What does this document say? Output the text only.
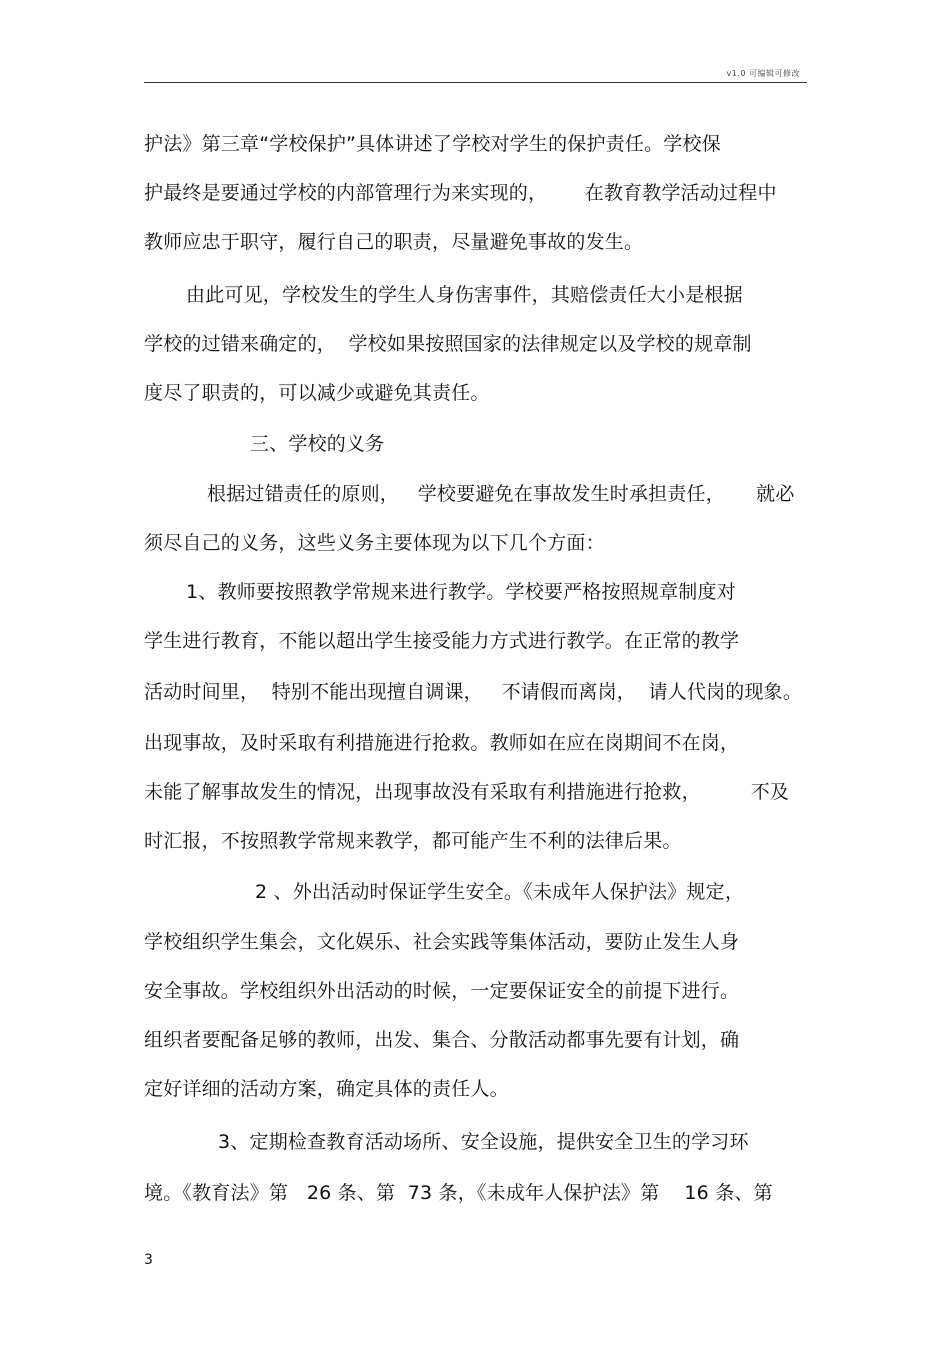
v1.0 可编辑可修改
护法》第三章“学校保护”具体讲述了学校对学生的保护责任。学校保
护最终是要通过学校的内部管理行为来实现的，      在教育教学活动过程中
教师应忠于职守，履行自己的职责，尽量避免事故的发生。
由此可见，学校发生的学生人身伤害事件，其赔偿责任大小是根据
学校的过错来确定的，  学校如果按照国家的法律规定以及学校的规章制
度尽了职责的，可以减少或避免其责任。
三、学校的义务
根据过错责任的原则，   学校要避免在事故发生时承担责任，     就必
须尽自己的义务，这些义务主要体现为以下几个方面：
1、教师要按照教学常规来进行教学。学校要严格按照规章制度对
学生进行教育，不能以超出学生接受能力方式进行教学。在正常的教学
活动时间里，  特别不能出现擅自调课，   不请假而离岗，  请人代岗的现象。
出现事故，及时采取有利措施进行抢救。教师如在应在岗期间不在岗，
未能了解事故发生的情况，出现事故没有采取有利措施进行抢救，        不及
时汇报，不按照教学常规来教学，都可能产生不利的法律后果。
2 、外出活动时保证学生安全。《未成年人保护法》规定，
学校组织学生集会，文化娱乐、社会实践等集体活动，要防止发生人身
安全事故。学校组织外出活动的时候，一定要保证安全的前提下进行。
组织者要配备足够的教师，出发、集合、分散活动都事先要有计划，确
定好详细的活动方案，确定具体的责任人。
3、定期检查教育活动场所、安全设施，提供安全卫生的学习环
境。《教育法》第   26 条、第  73 条，《未成年人保护法》第    16 条、第
3
